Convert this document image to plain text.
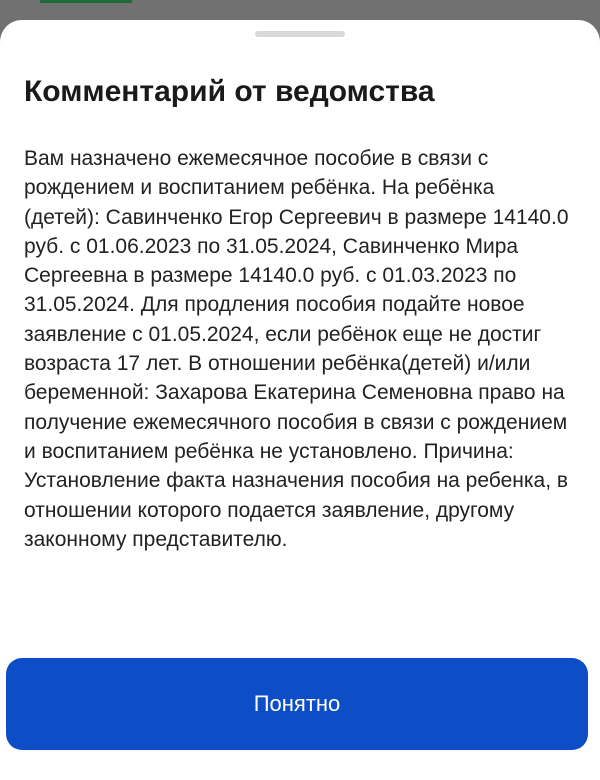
Комментарий от ведомства

Вам назначено ежемесячное пособие в связи с рождением и воспитанием ребёнка. На ребёнка (детей): Савинченко Егор Сергеевич в размере 14140.0 руб. с 01.06.2023 по 31.05.2024, Савинченко Мира Сергеевна в размере 14140.0 руб. с 01.03.2023 по 31.05.2024. Для продления пособия подайте новое заявление с 01.05.2024, если ребёнок еще не достиг возраста 17 лет. В отношении ребёнка(детей) и/или беременной: Захарова Екатерина Семеновна право на получение ежемесячного пособия в связи с рождением и воспитанием ребёнка не установлено. Причина: Установление факта назначения пособия на ребенка, в отношении которого подается заявление, другому законному представителю.

Понятно
